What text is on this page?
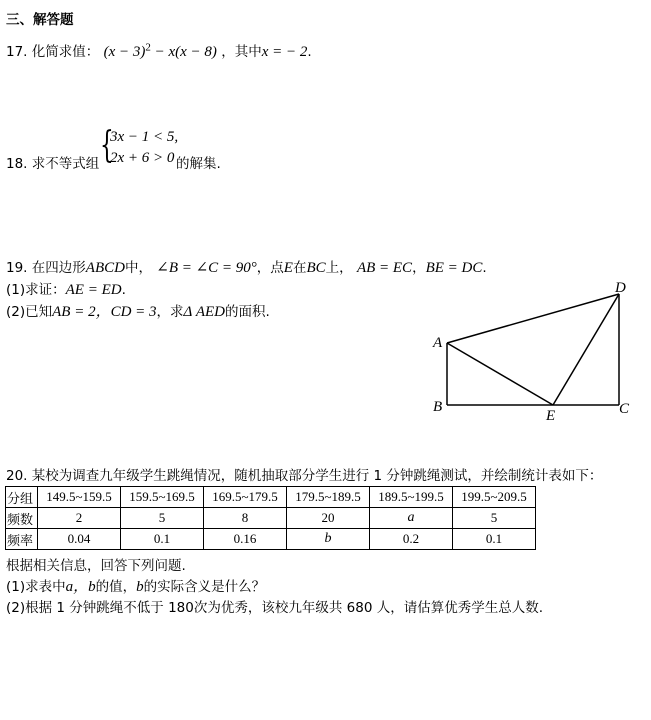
三、解答题
17. 化简求值： $(x - 3)^2 - x(x - 8)$ ，其中x = − 2.
18. 求不等式组 {
3x − 1 < 5,
2x + 6 > 0 的解集.
19. 在四边形ABCD中， ∠B = ∠C = 90°，点E在BC上， AB = EC，BE = DC.
(1)求证：AE = ED.
(2)已知AB = 2，CD = 3，求Δ AED的面积.
A
B	C
D
E
20. 某校为调查九年级学生跳绳情况，随机抽取部分学生进行 1 分钟跳绳测试，并绘制统计表如下：
分组	149.5~159.5	159.5~169.5	169.5~179.5	179.5~189.5	189.5~199.5	199.5~209.5
频数	2	5	8	20	a	5
频率	0.04	0.1	0.16	b	0.2	0.1
根据相关信息，回答下列问题.
(1)求表中a，b的值，b的实际含义是什么？
(2)根据 1 分钟跳绳不低于 180次为优秀，该校九年级共 680 人，请估算优秀学生总人数.
